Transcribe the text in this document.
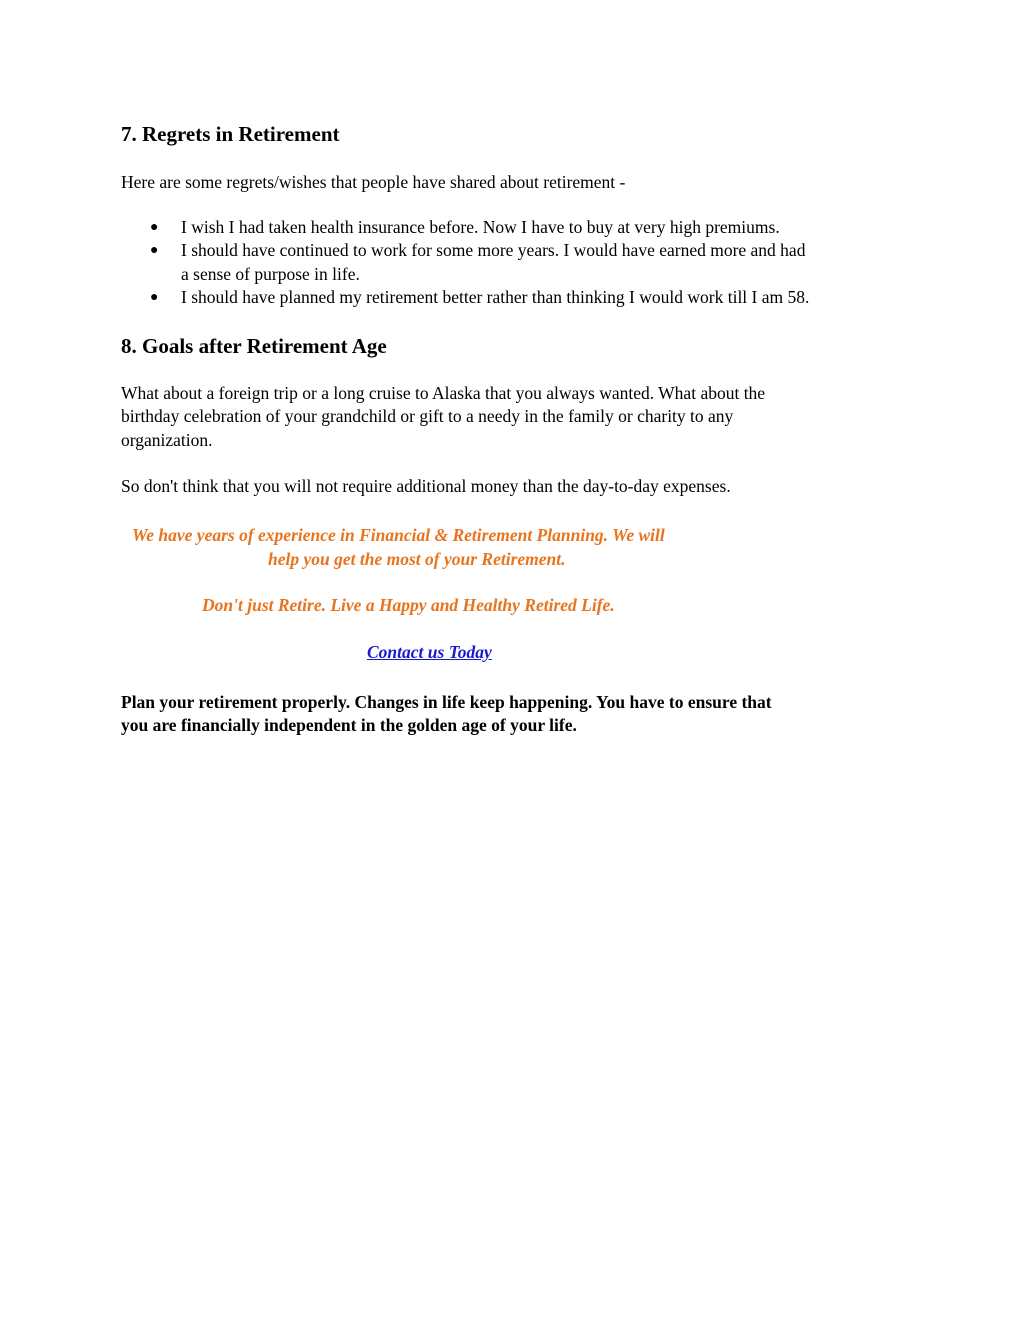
7. Regrets in Retirement

Here are some regrets/wishes that people have shared about retirement -

● I wish I had taken health insurance before. Now I have to buy at very high premiums.
● I should have continued to work for some more years. I would have earned more and had
a sense of purpose in life.
● I should have planned my retirement better rather than thinking I would work till I am 58.
8. Goals after Retirement Age

What about a foreign trip or a long cruise to Alaska that you always wanted. What about the
birthday celebration of your grandchild or gift to a needy in the family or charity to any
organization.

So don't think that you will not require additional money than the day-to-day expenses.

We have years of experience in Financial & Retirement Planning. We will

help you get the most of your Retirement.

Don't just Retire. Live a Happy and Healthy Retired Life.

Contact us Today

Plan your retirement properly. Changes in life keep happening. You have to ensure that
you are financially independent in the golden age of your life.
